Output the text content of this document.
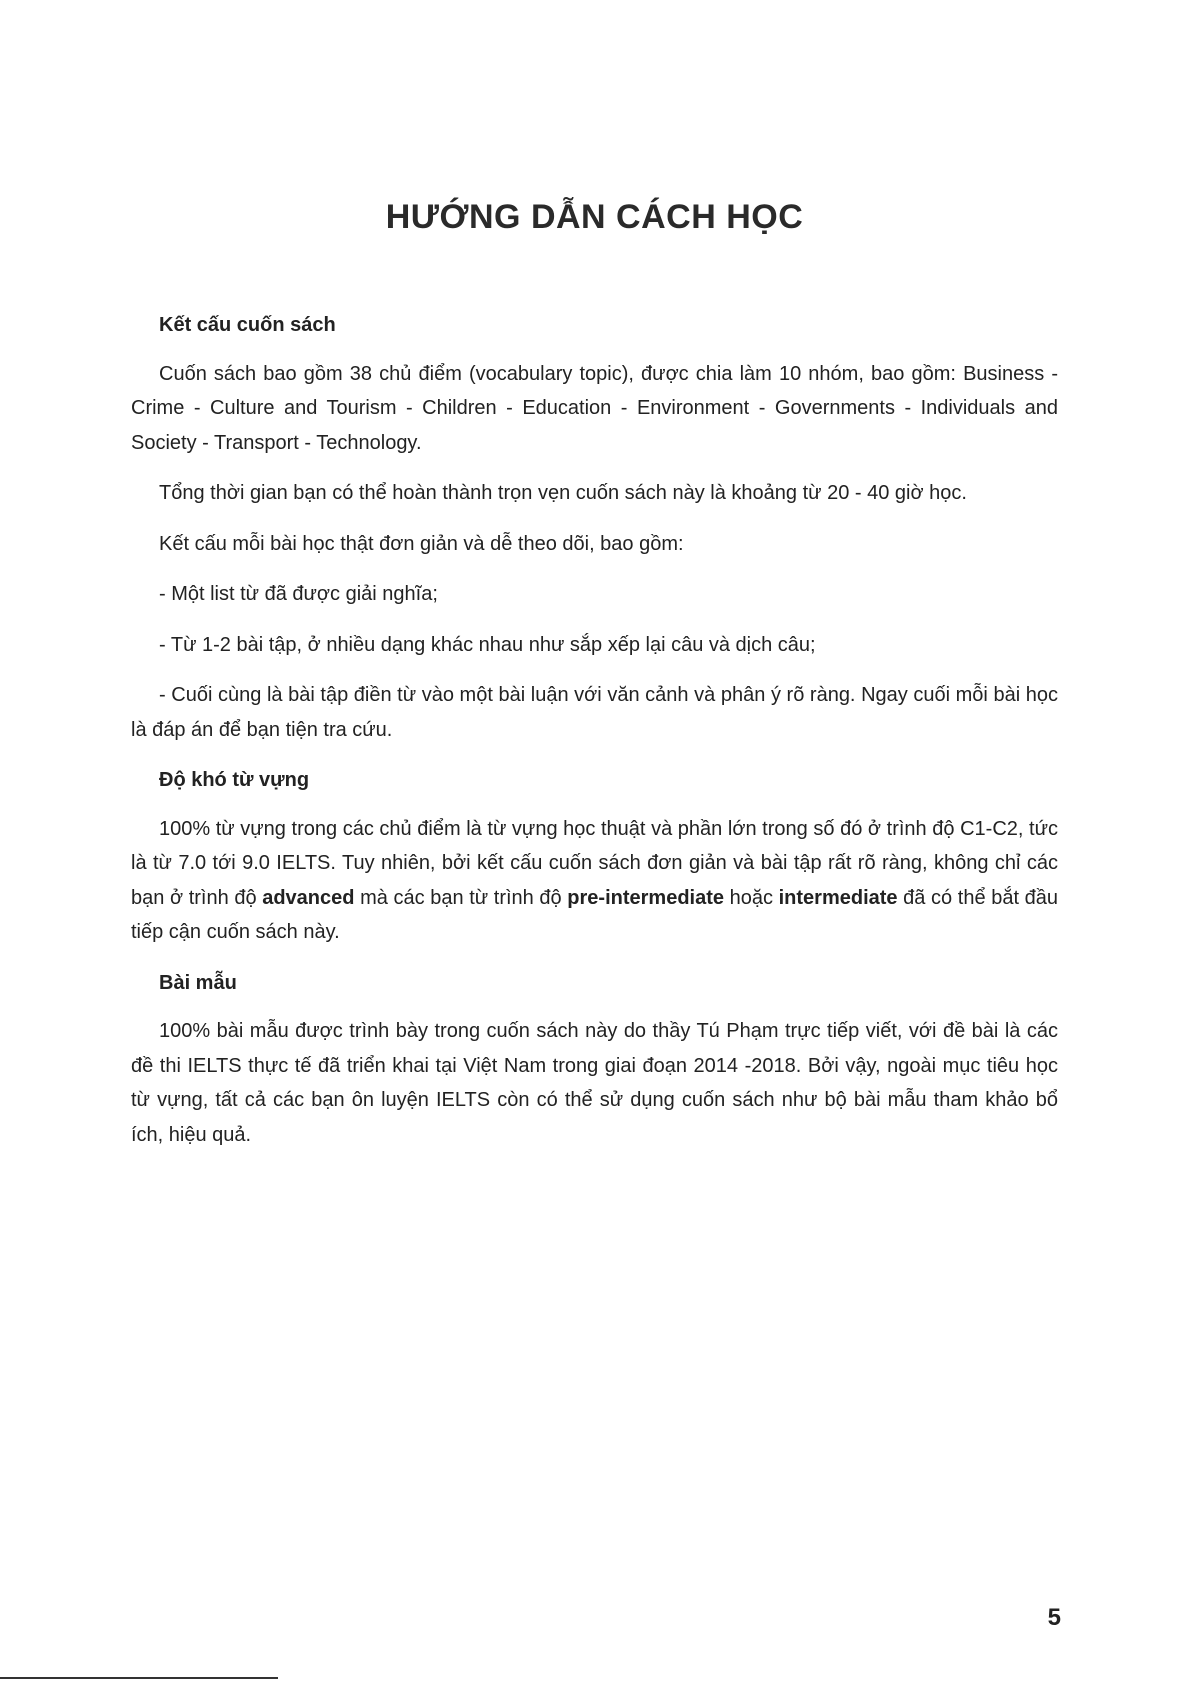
HƯỚNG DẪN CÁCH HỌC

Kết cấu cuốn sách

Cuốn sách bao gồm 38 chủ điểm (vocabulary topic), được chia làm 10 nhóm, bao gồm: Business - Crime - Culture and Tourism - Children - Education - Environment - Governments - Individuals and Society - Transport - Technology.

Tổng thời gian bạn có thể hoàn thành trọn vẹn cuốn sách này là khoảng từ 20 - 40 giờ học.

Kết cấu mỗi bài học thật đơn giản và dễ theo dõi, bao gồm:

- Một list từ đã được giải nghĩa;

- Từ 1-2 bài tập, ở nhiều dạng khác nhau như sắp xếp lại câu và dịch câu;

- Cuối cùng là bài tập điền từ vào một bài luận với văn cảnh và phân ý rõ ràng. Ngay cuối mỗi bài học là đáp án để bạn tiện tra cứu.

Độ khó từ vựng

100% từ vựng trong các chủ điểm là từ vựng học thuật và phần lớn trong số đó ở trình độ C1-C2, tức là từ 7.0 tới 9.0 IELTS. Tuy nhiên, bởi kết cấu cuốn sách đơn giản và bài tập rất rõ ràng, không chỉ các bạn ở trình độ advanced mà các bạn từ trình độ pre-intermediate hoặc intermediate đã có thể bắt đầu tiếp cận cuốn sách này.

Bài mẫu

100% bài mẫu được trình bày trong cuốn sách này do thầy Tú Phạm trực tiếp viết, với đề bài là các đề thi IELTS thực tế đã triển khai tại Việt Nam trong giai đoạn 2014 -2018. Bởi vậy, ngoài mục tiêu học từ vựng, tất cả các bạn ôn luyện IELTS còn có thể sử dụng cuốn sách như bộ bài mẫu tham khảo bổ ích, hiệu quả.

5
